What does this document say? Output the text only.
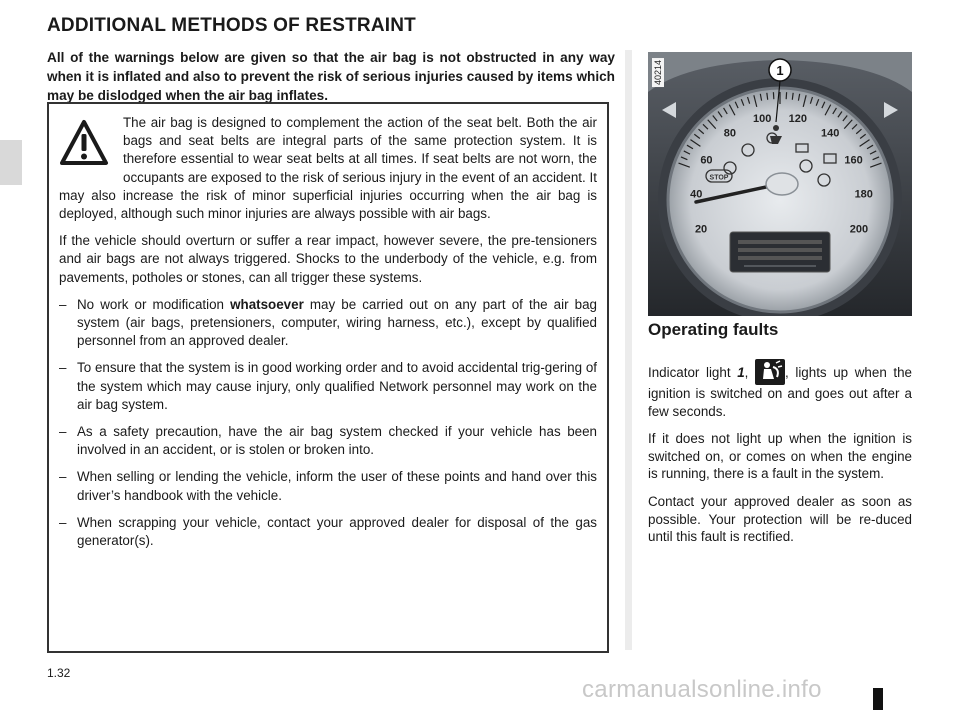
ADDITIONAL METHODS OF RESTRAINT
All of the warnings below are given so that the air bag is not obstructed in any way when it is inflated and also to prevent the risk of serious injuries caused by items which may be dislodged when the air bag inflates.

The air bag is designed to complement the action of the seat belt. Both the air bags and seat belts are integral parts of the same protection system. It is therefore essential to wear seat belts at all times. If seat belts are not worn, the occupants are exposed to the risk of serious injury in the event of an accident. It may also increase the risk of minor superficial injuries occurring when the air bag is deployed, although such minor injuries are always possible with air bags.

If the vehicle should overturn or suffer a rear impact, however severe, the pre-tensioners and air bags are not always triggered. Shocks to the underbody of the vehicle, e.g. from pavements, potholes or stones, can all trigger these systems.

– No work or modification whatsoever may be carried out on any part of the air bag system (air bags, pretensioners, computer, wiring harness, etc.), except by qualified personnel from an approved dealer.
– To ensure that the system is in good working order and to avoid accidental trig-gering of the system which may cause injury, only qualified Network personnel may work on the air bag system.
– As a safety precaution, have the air bag system checked if your vehicle has been involved in an accident, or is stolen or broken into.
– When selling or lending the vehicle, inform the user of these points and hand over this driver’s handbook with the vehicle.
– When scrapping your vehicle, contact your approved dealer for disposal of the gas generator(s).
20
40
60
80
100 120
140
160
180
200
STOP
1
40214
Operating faults

Indicator light 1,
, lights up when the ignition is switched on and goes out after a few seconds.

If it does not light up when the ignition is switched on, or comes on when the engine is running, there is a fault in the system.

Contact your approved dealer as soon as possible. Your protection will be re-duced until this fault is rectified.

1.32
carmanualsonline.info
